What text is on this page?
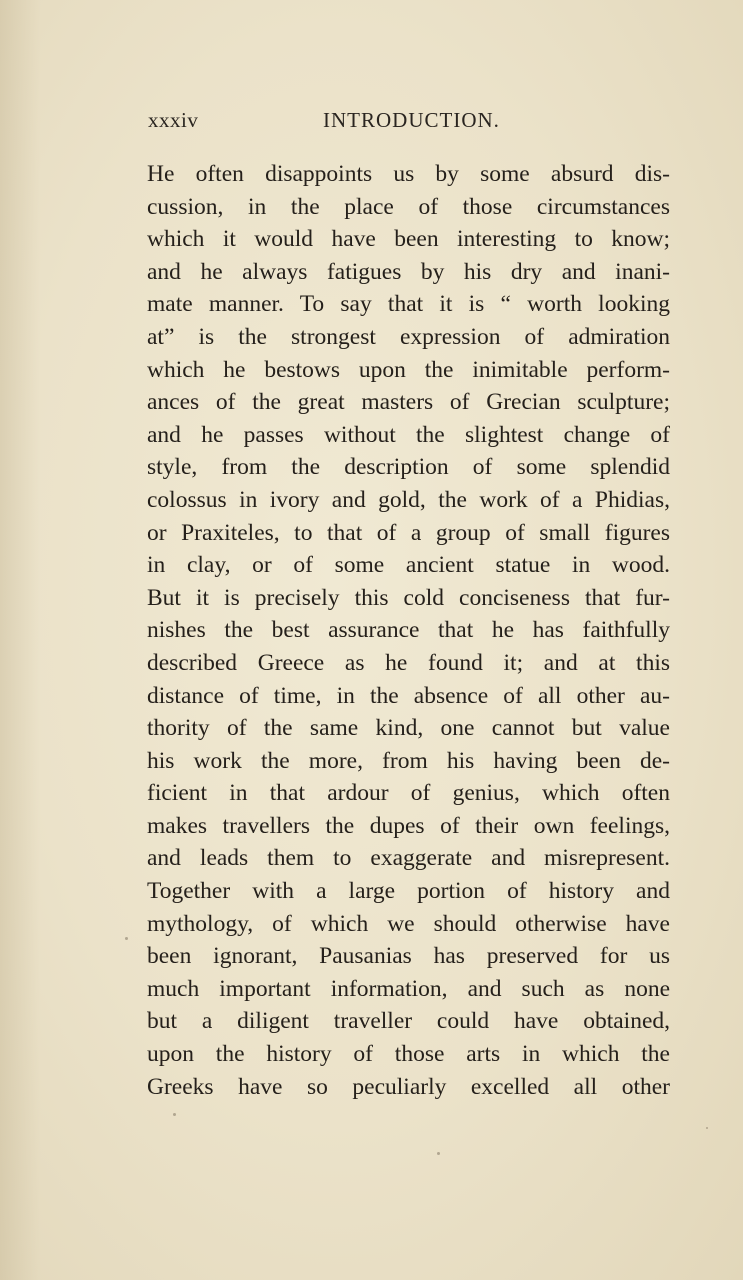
xxxiv	INTRODUCTION.
He often disappoints us by some absurd dis-
cussion, in the place of those circumstances
which it would have been interesting to know;
and he always fatigues by his dry and inani-
mate manner. To say that it is “ worth looking
at” is the strongest expression of admiration
which he bestows upon the inimitable perform-
ances of the great masters of Grecian sculpture;
and he passes without the slightest change of
style, from the description of some splendid
colossus in ivory and gold, the work of a Phidias,
or Praxiteles, to that of a group of small figures
in clay, or of some ancient statue in wood.
But it is precisely this cold conciseness that fur-
nishes the best assurance that he has faithfully
described Greece as he found it; and at this
distance of time, in the absence of all other au-
thority of the same kind, one cannot but value
his work the more, from his having been de-
ficient in that ardour of genius, which often
makes travellers the dupes of their own feelings,
and leads them to exaggerate and misrepresent.
Together with a large portion of history and
mythology, of which we should otherwise have
been ignorant, Pausanias has preserved for us
much important information, and such as none
but a diligent traveller could have obtained,
upon the history of those arts in which the
Greeks have so peculiarly excelled all other
